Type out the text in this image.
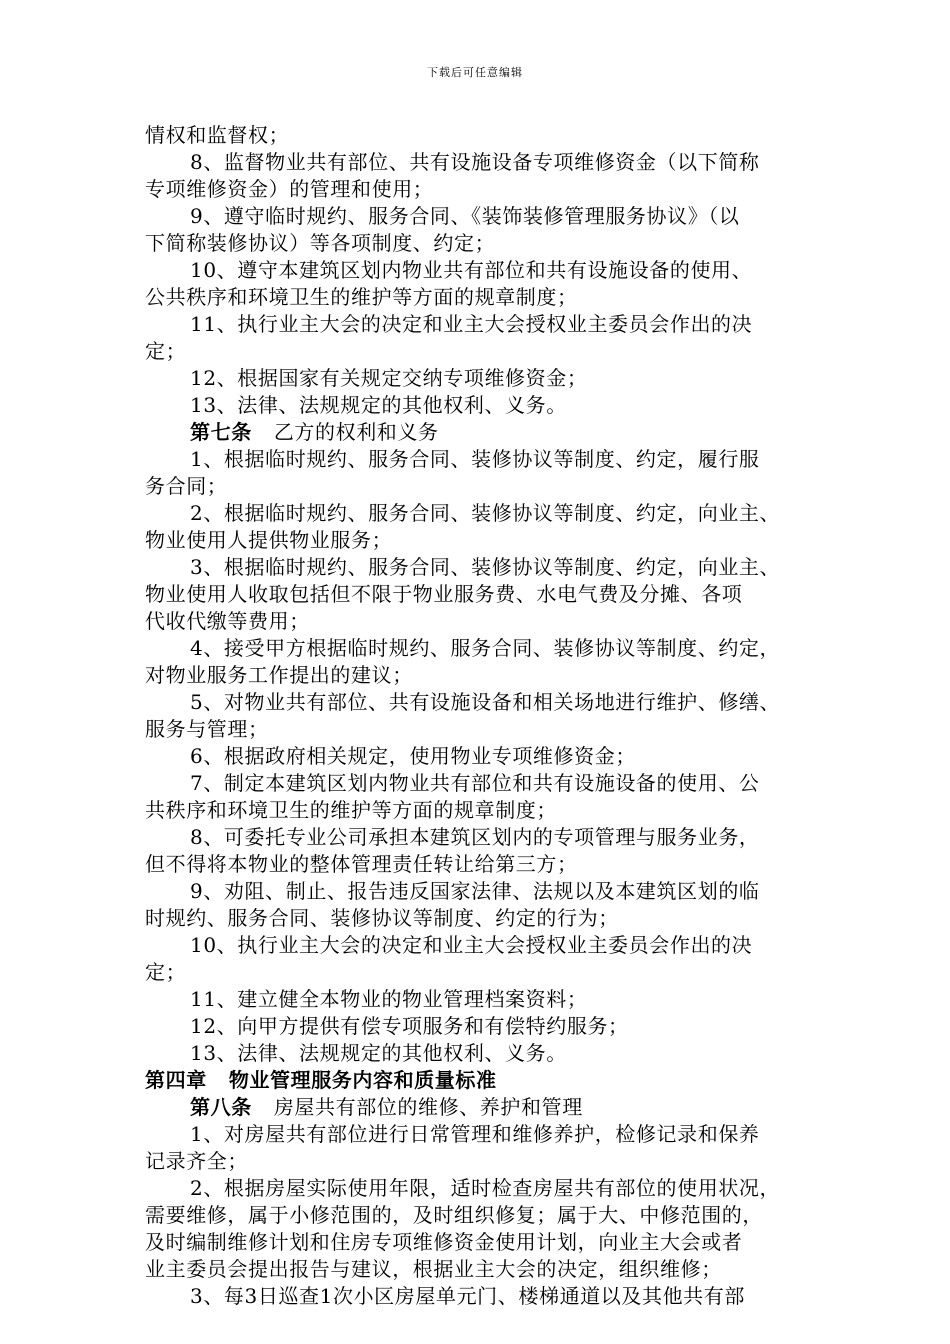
下载后可任意编辑
情权和监督权；
8、监督物业共有部位、共有设施设备专项维修资金（以下简称
专项维修资金）的管理和使用；
9、遵守临时规约、服务合同、《装饰装修管理服务协议》（以
下简称装修协议）等各项制度、约定；
10、遵守本建筑区划内物业共有部位和共有设施设备的使用、
公共秩序和环境卫生的维护等方面的规章制度；
11、执行业主大会的决定和业主大会授权业主委员会作出的决
定；
12、根据国家有关规定交纳专项维修资金；
13、法律、法规规定的其他权利、义务。
第七条 乙方的权利和义务
1、根据临时规约、服务合同、装修协议等制度、约定，履行服
务合同；
2、根据临时规约、服务合同、装修协议等制度、约定，向业主、
物业使用人提供物业服务；
3、根据临时规约、服务合同、装修协议等制度、约定，向业主、
物业使用人收取包括但不限于物业服务费、水电气费及分摊、各项
代收代缴等费用；
4、接受甲方根据临时规约、服务合同、装修协议等制度、约定，
对物业服务工作提出的建议；
5、对物业共有部位、共有设施设备和相关场地进行维护、修缮、
服务与管理；
6、根据政府相关规定，使用物业专项维修资金；
7、制定本建筑区划内物业共有部位和共有设施设备的使用、公
共秩序和环境卫生的维护等方面的规章制度；
8、可委托专业公司承担本建筑区划内的专项管理与服务业务，
但不得将本物业的整体管理责任转让给第三方；
9、劝阻、制止、报告违反国家法律、法规以及本建筑区划的临
时规约、服务合同、装修协议等制度、约定的行为；
10、执行业主大会的决定和业主大会授权业主委员会作出的决
定；
11、建立健全本物业的物业管理档案资料；
12、向甲方提供有偿专项服务和有偿特约服务；
13、法律、法规规定的其他权利、义务。
第四章 物业管理服务内容和质量标准
第八条 房屋共有部位的维修、养护和管理
1、对房屋共有部位进行日常管理和维修养护，检修记录和保养
记录齐全；
2、根据房屋实际使用年限，适时检查房屋共有部位的使用状况，
需要维修，属于小修范围的，及时组织修复；属于大、中修范围的，
及时编制维修计划和住房专项维修资金使用计划，向业主大会或者
业主委员会提出报告与建议，根据业主大会的决定，组织维修；
3、每3日巡查1次小区房屋单元门、楼梯通道以及其他共有部
